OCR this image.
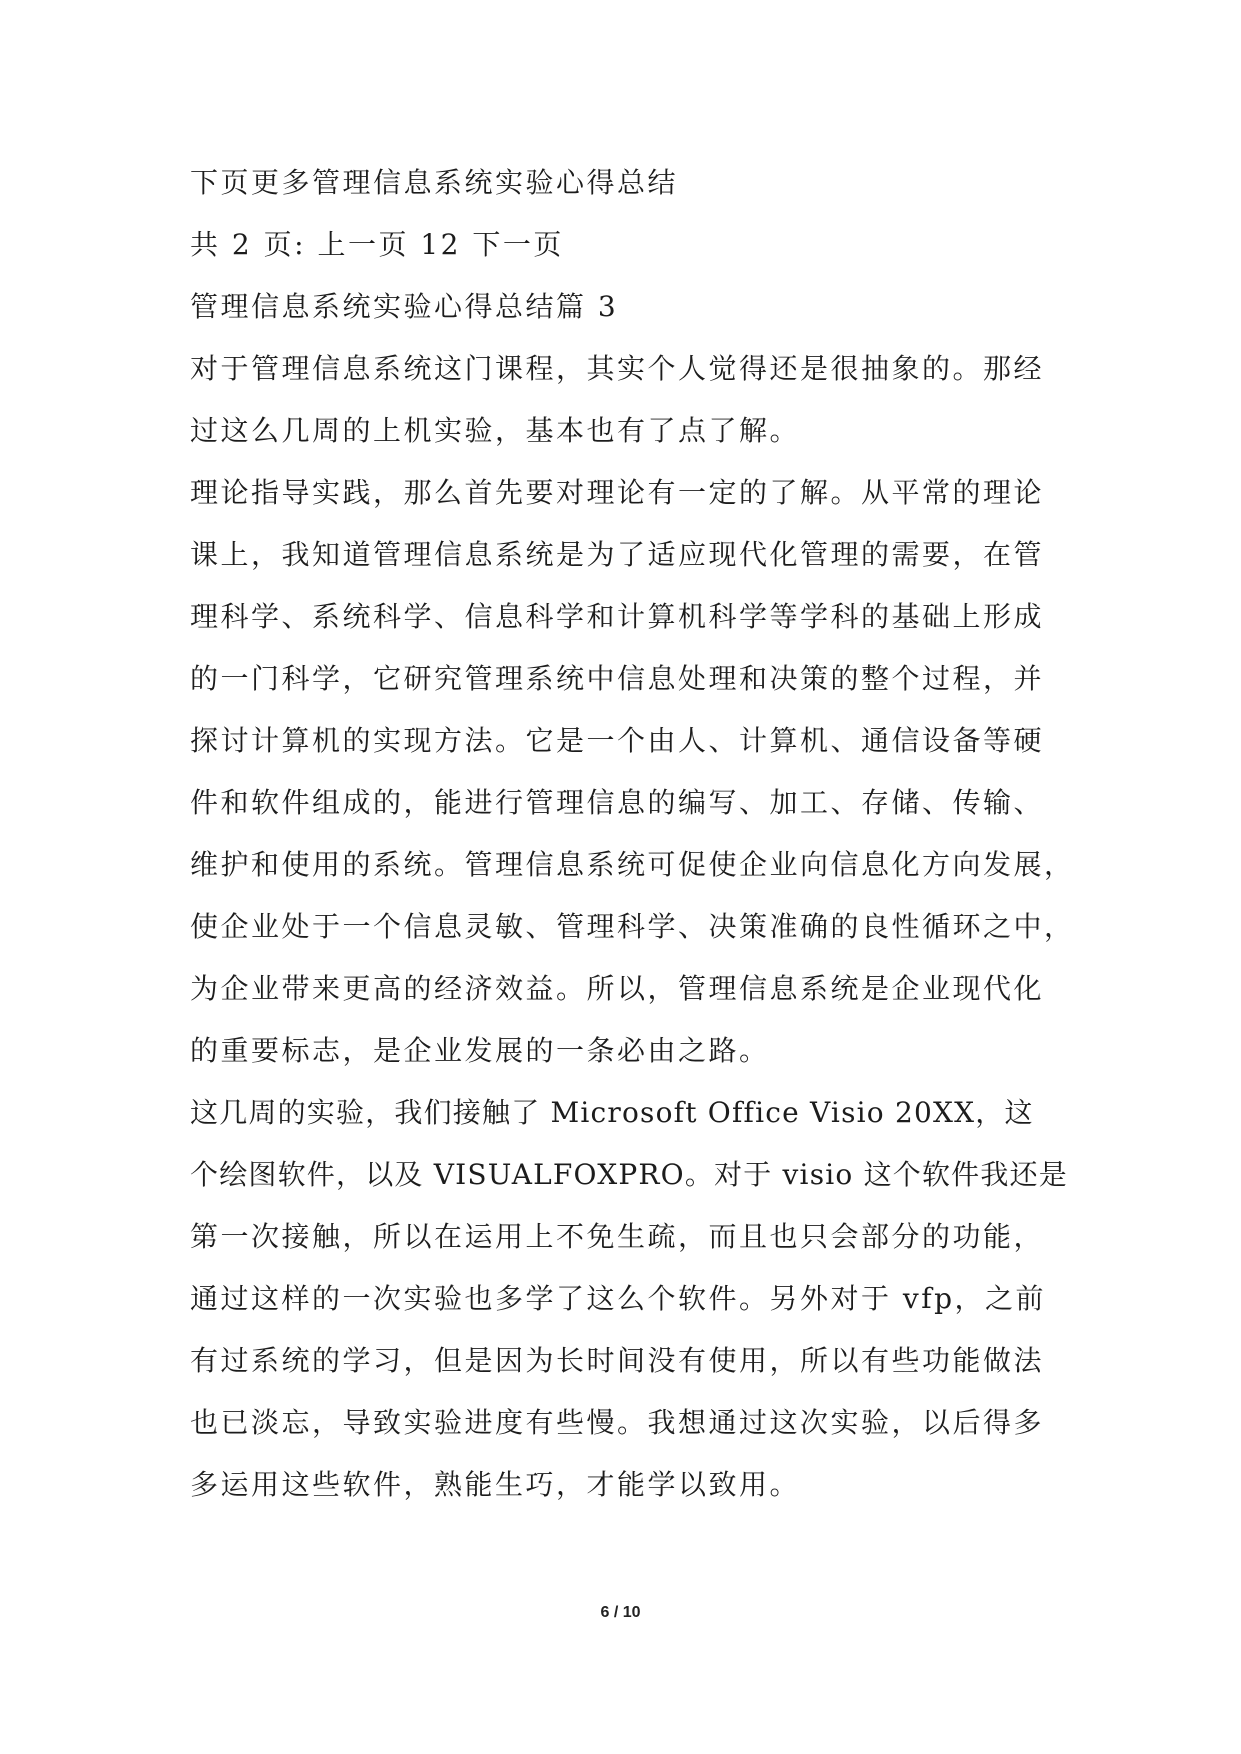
下页更多管理信息系统实验心得总结
共 2 页: 上一页 12 下一页
管理信息系统实验心得总结篇 3
对于管理信息系统这门课程，其实个人觉得还是很抽象的。那经
过这么几周的上机实验，基本也有了点了解。
理论指导实践，那么首先要对理论有一定的了解。从平常的理论
课上，我知道管理信息系统是为了适应现代化管理的需要，在管
理科学、系统科学、信息科学和计算机科学等学科的基础上形成
的一门科学，它研究管理系统中信息处理和决策的整个过程，并
探讨计算机的实现方法。它是一个由人、计算机、通信设备等硬
件和软件组成的，能进行管理信息的编写、加工、存储、传输、
维护和使用的系统。管理信息系统可促使企业向信息化方向发展，
使企业处于一个信息灵敏、管理科学、决策准确的良性循环之中，
为企业带来更高的经济效益。所以，管理信息系统是企业现代化
的重要标志，是企业发展的一条必由之路。
这几周的实验，我们接触了 Microsoft Office Visio 20XX，这
个绘图软件，以及 VISUALFOXPRO。对于 visio 这个软件我还是
第一次接触，所以在运用上不免生疏，而且也只会部分的功能，
通过这样的一次实验也多学了这么个软件。另外对于 vfp，之前
有过系统的学习，但是因为长时间没有使用，所以有些功能做法
也已淡忘，导致实验进度有些慢。我想通过这次实验，以后得多
多运用这些软件，熟能生巧，才能学以致用。
6 / 10
